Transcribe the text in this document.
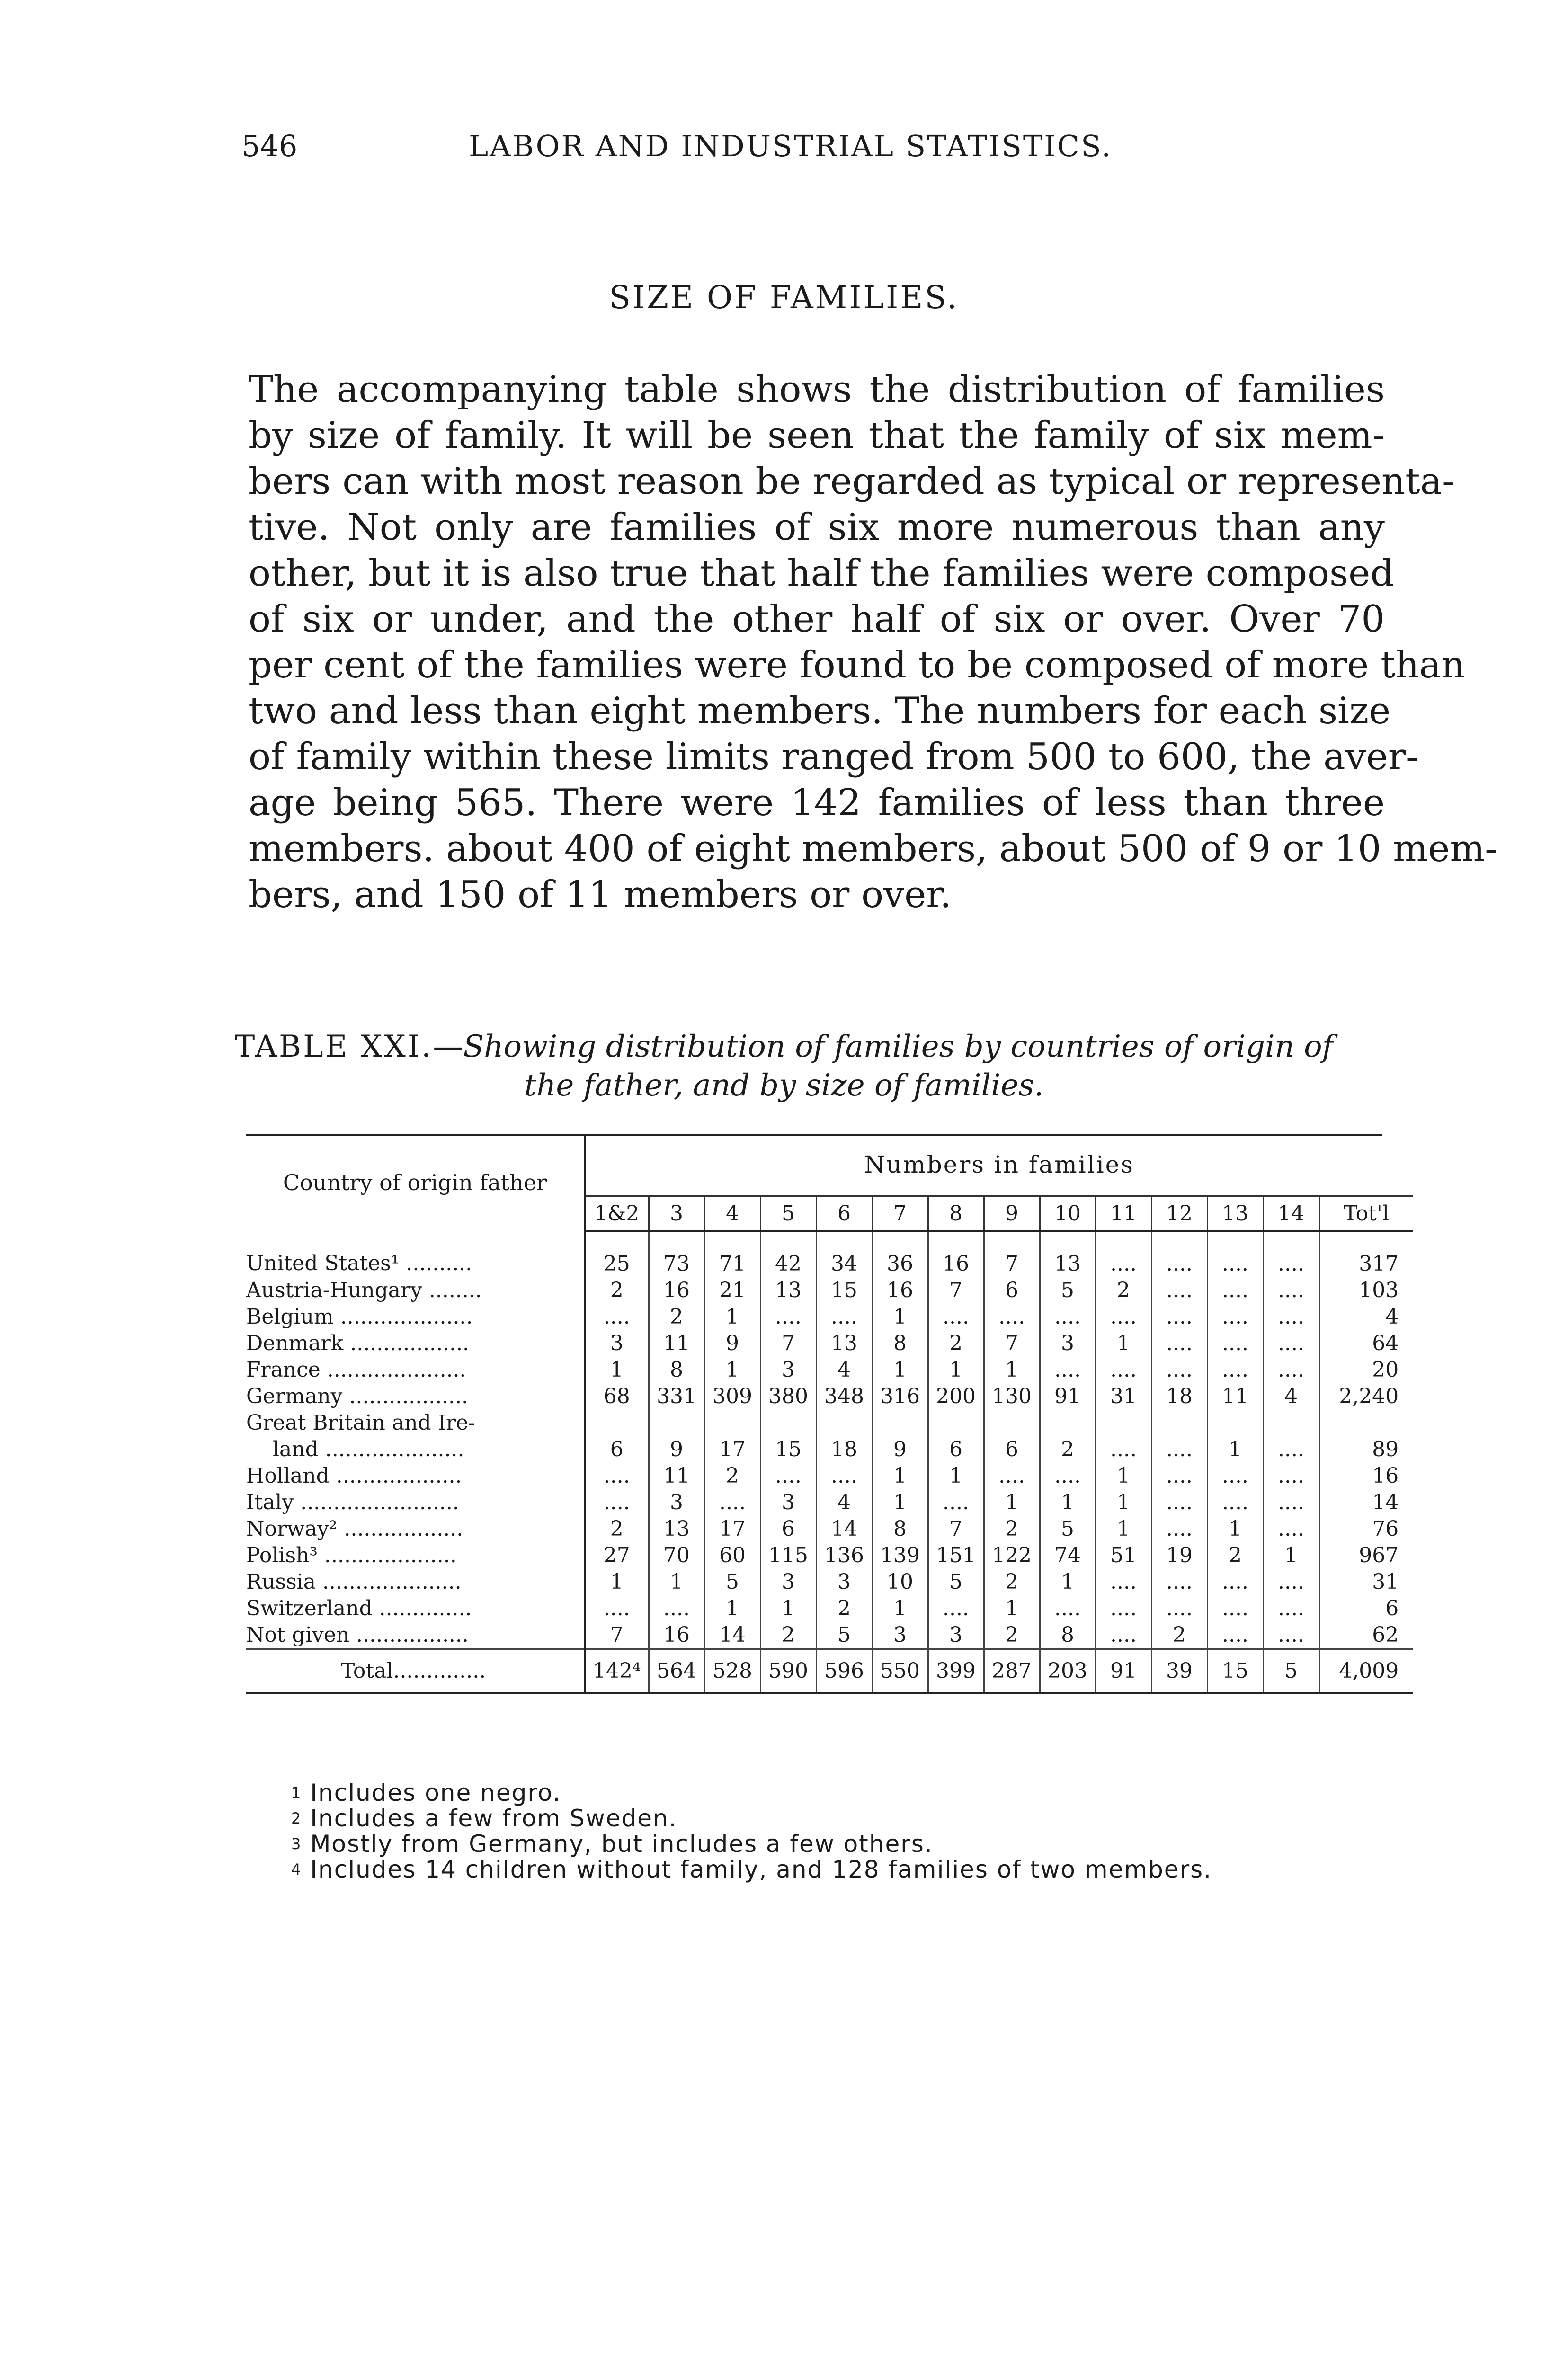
546	LABOR AND INDUSTRIAL STATISTICS.
SIZE OF FAMILIES.
The accompanying table shows the distribution of families
by size of family. It will be seen that the family of six mem-
bers can with most reason be regarded as typical or representa-
tive. Not only are families of six more numerous than any
other, but it is also true that half the families were composed
of six or under, and the other half of six or over. Over 70
per cent of the families were found to be composed of more than
two and less than eight members. The numbers for each size
of family within these limits ranged from 500 to 600, the aver-
age being 565. There were 142 families of less than three
members. about 400 of eight members, about 500 of 9 or 10 mem-
bers, and 150 of 11 members or over.
TABLE XXI.—Showing distribution of families by countries of origin of
the father, and by size of families.
Country of origin father	Numbers in families													
	1&2	3	4	5	6	7	8	9	10	11	12	13	14	Tot'l
United States¹ ..........	25	73	71	42	34	36	16	7	13	....	....	....	....	317
Austria-Hungary ........	2	16	21	13	15	16	7	6	5	2	....	....	....	103
Belgium ....................	....	2	1	....	....	1	....	....	....	....	....	....	....	4
Denmark ..................	3	11	9	7	13	8	2	7	3	1	....	....	....	64
France .....................	1	8	1	3	4	1	1	1	....	....	....	....	....	20
Germany ..................	68	331	309	380	348	316	200	130	91	31	18	11	4	2,240
Great Britain and Ire-														
land .....................	6	9	17	15	18	9	6	6	2	....	....	1	....	89
Holland ...................	....	11	2	....	....	1	1	....	....	1	....	....	....	16
Italy ........................	....	3	....	3	4	1	....	1	1	1	....	....	....	14
Norway² ..................	2	13	17	6	14	8	7	2	5	1	....	1	....	76
Polish³ ....................	27	70	60	115	136	139	151	122	74	51	19	2	1	967
Russia .....................	1	1	5	3	3	10	5	2	1	....	....	....	....	31
Switzerland ..............	....	....	1	1	2	1	....	1	....	....	....	....	....	6
Not given .................	7	16	14	2	5	3	3	2	8	....	2	....	....	62
Total..............	142⁴	564	528	590	596	550	399	287	203	91	39	15	5	4,009
$^1$ Includes one negro.
$^2$ Includes a few from Sweden.
$^3$ Mostly from Germany, but includes a few others.
$^4$ Includes 14 children without family, and 128 families of two members.
